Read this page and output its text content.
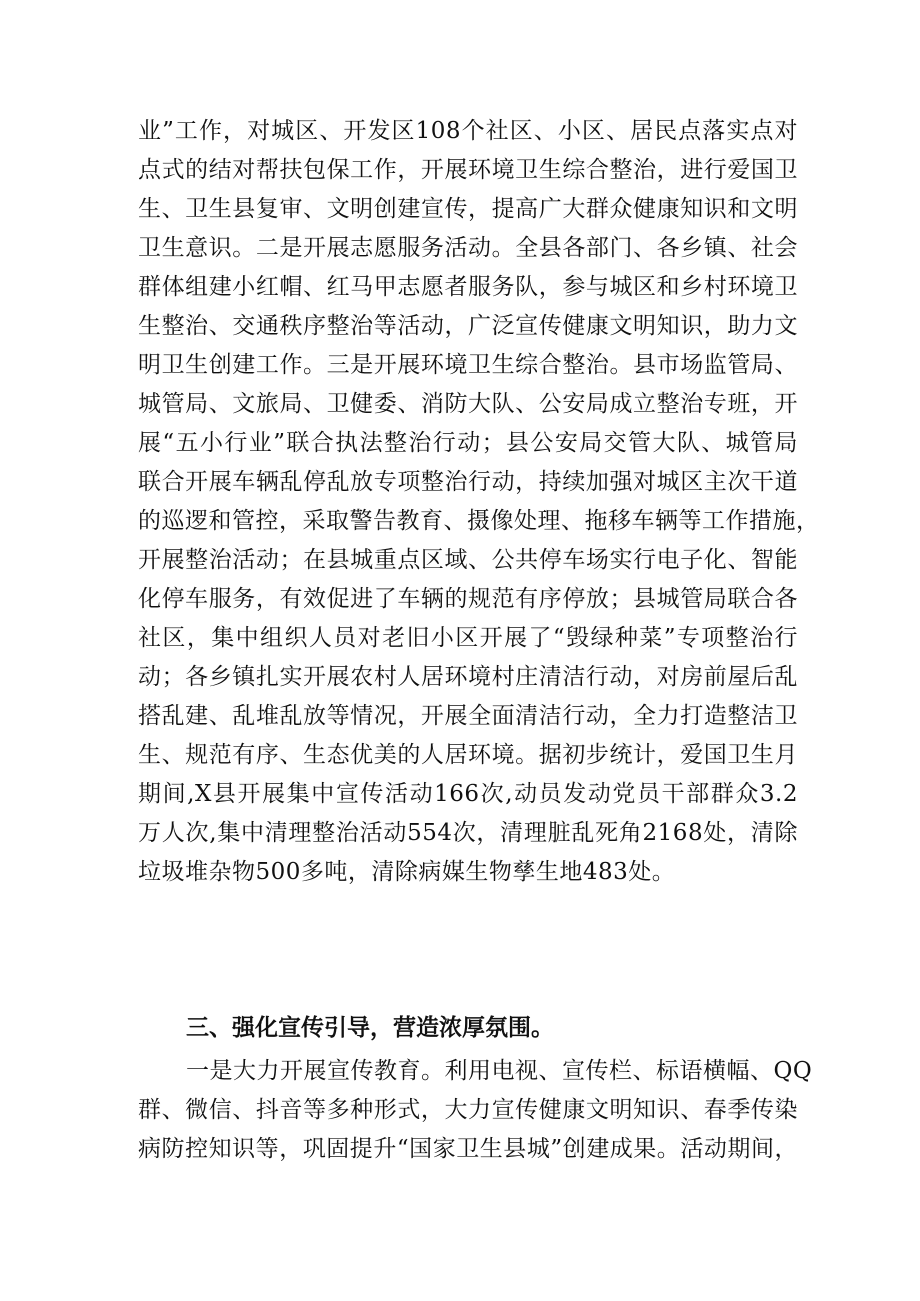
业”工作，对城区、开发区108个社区、小区、居民点落实点对
点式的结对帮扶包保工作，开展环境卫生综合整治，进行爱国卫
生、卫生县复审、文明创建宣传，提高广大群众健康知识和文明
卫生意识。二是开展志愿服务活动。全县各部门、各乡镇、社会
群体组建小红帽、红马甲志愿者服务队，参与城区和乡村环境卫
生整治、交通秩序整治等活动，广泛宣传健康文明知识，助力文
明卫生创建工作。三是开展环境卫生综合整治。县市场监管局、
城管局、文旅局、卫健委、消防大队、公安局成立整治专班，开
展“五小行业”联合执法整治行动；县公安局交管大队、城管局
联合开展车辆乱停乱放专项整治行动，持续加强对城区主次干道
的巡逻和管控，采取警告教育、摄像处理、拖移车辆等工作措施，
开展整治活动；在县城重点区域、公共停车场实行电子化、智能
化停车服务，有效促进了车辆的规范有序停放；县城管局联合各
社区，集中组织人员对老旧小区开展了“毁绿种菜”专项整治行
动；各乡镇扎实开展农村人居环境村庄清洁行动，对房前屋后乱
搭乱建、乱堆乱放等情况，开展全面清洁行动，全力打造整洁卫
生、规范有序、生态优美的人居环境。据初步统计，爱国卫生月
期间,X县开展集中宣传活动166次,动员发动党员干部群众3.2
万人次,集中清理整治活动554次，清理脏乱死角2168处，清除
垃圾堆杂物500多吨，清除病媒生物孳生地483处。
三、强化宣传引导，营造浓厚氛围。
一是大力开展宣传教育。利用电视、宣传栏、标语横幅、QQ
群、微信、抖音等多种形式，大力宣传健康文明知识、春季传染
病防控知识等，巩固提升“国家卫生县城”创建成果。活动期间，
